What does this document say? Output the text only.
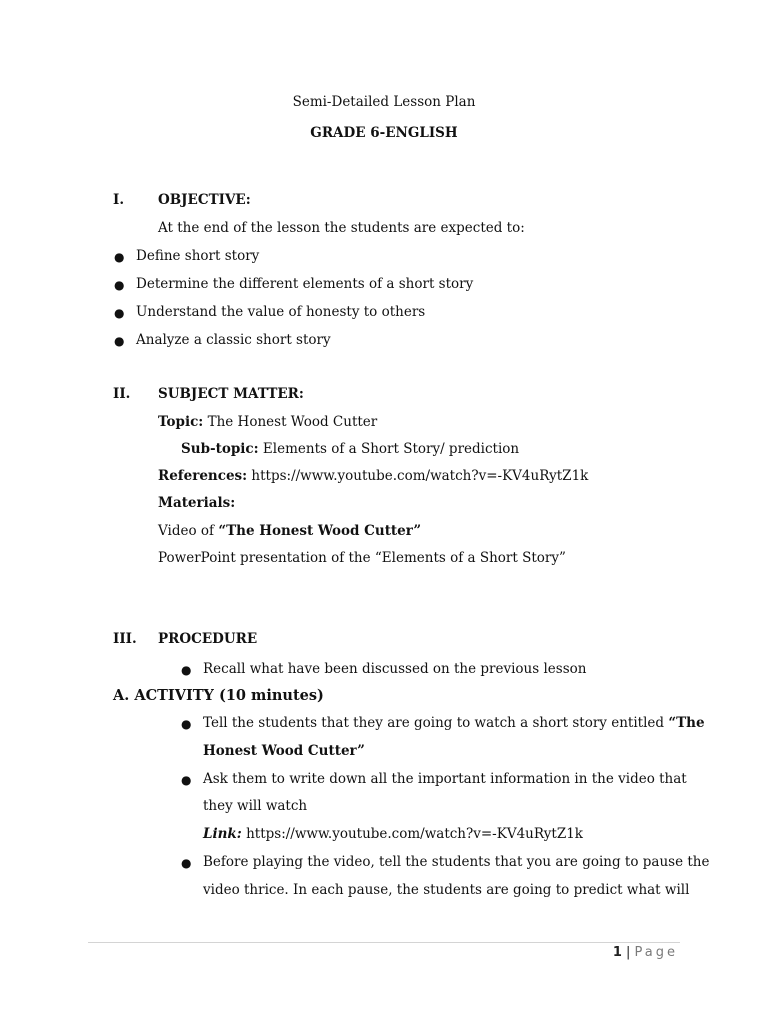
Semi-Detailed Lesson Plan
GRADE 6-ENGLISH
I.	OBJECTIVE:
At the end of the lesson the students are expected to:
● Define short story
● Determine the different elements of a short story
● Understand the value of honesty to others
● Analyze a classic short story
II. SUBJECT MATTER:
Topic: The Honest Wood Cutter
Sub-topic: Elements of a Short Story/ prediction
References: https://www.youtube.com/watch?v=-KV4uRytZ1k
Materials:
Video of “The Honest Wood Cutter”
PowerPoint presentation of the “Elements of a Short Story”
III. PROCEDURE
● Recall what have been discussed on the previous lesson
A. ACTIVITY (10 minutes)
● Tell the students that they are going to watch a short story entitled “The
Honest Wood Cutter”
● Ask them to write down all the important information in the video that
they will watch
Link: https://www.youtube.com/watch?v=-KV4uRytZ1k
● Before playing the video, tell the students that you are going to pause the
video thrice. In each pause, the students are going to predict what will
1 | Page
